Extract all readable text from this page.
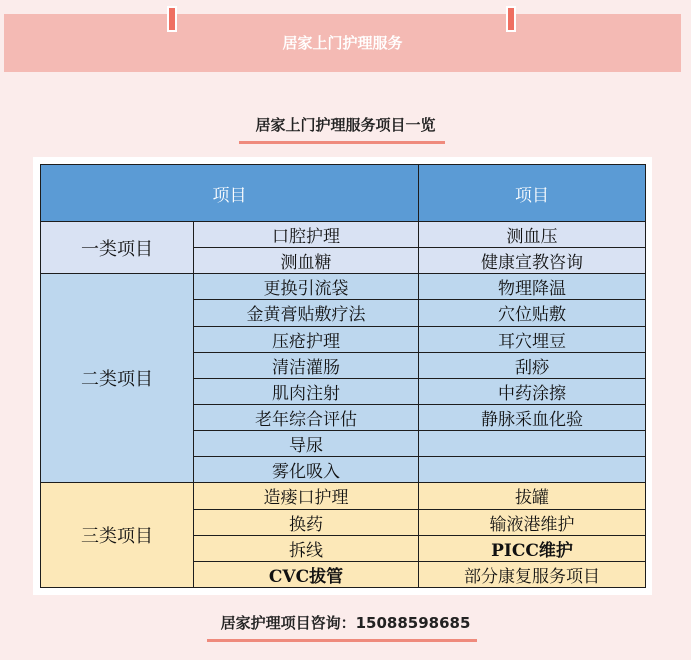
居家上门护理服务
居家上门护理服务项目一览
项目		项目
一类项目	口腔护理	测血压
	测血糖	健康宣教咨询
二类项目	更换引流袋	物理降温
	金黄膏贴敷疗法	穴位贴敷
	压疮护理	耳穴埋豆
	清洁灌肠	刮痧
	肌肉注射	中药涂擦
	老年综合评估	静脉采血化验
	导尿	
	雾化吸入	
三类项目	造瘘口护理	拔罐
	换药	输液港维护
	拆线	PICC维护
	CVC拔管	部分康复服务项目
居家护理项目咨询：15088598685
